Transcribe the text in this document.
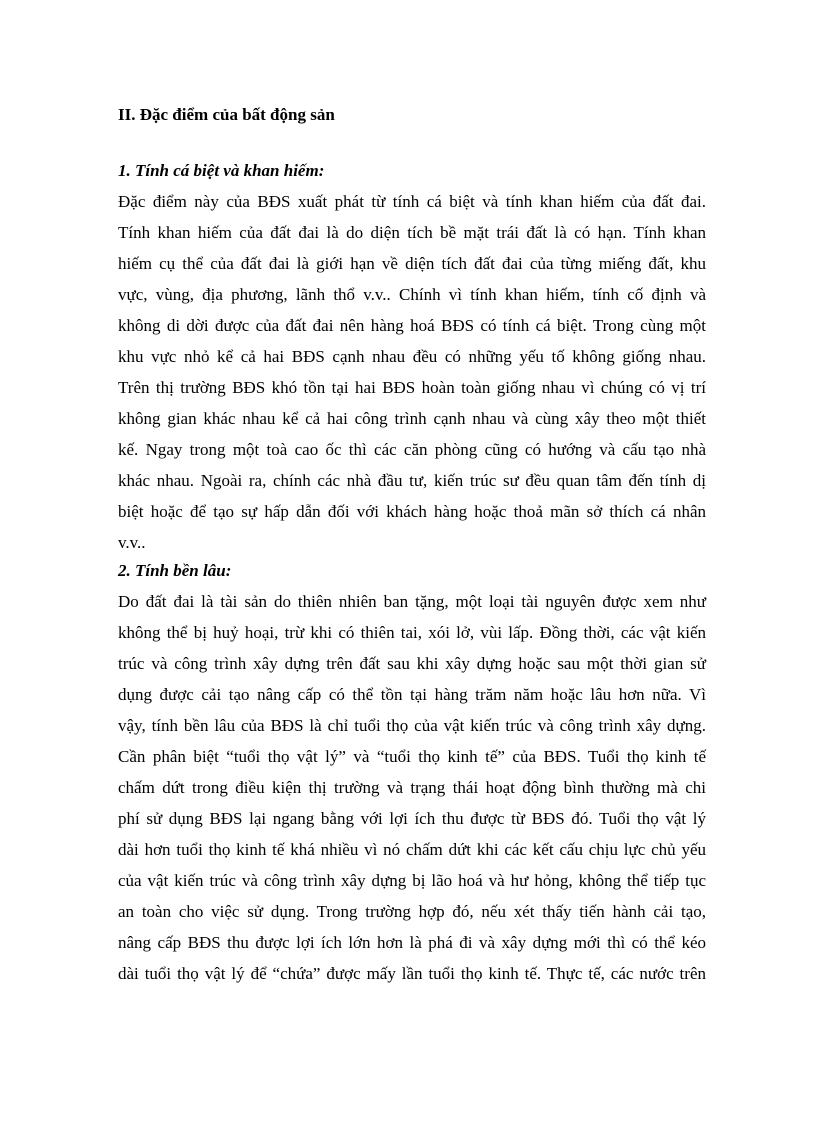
II. Đặc điểm của bất động sản
1. Tính cá biệt và khan hiếm:
Đặc điểm này của BĐS xuất phát từ tính cá biệt và tính khan hiếm của đất đai.
Tính khan hiếm của đất đai là do diện tích bề mặt trái đất là có hạn. Tính khan
hiếm cụ thể của đất đai là giới hạn về diện tích đất đai của từng miếng đất, khu
vực, vùng, địa phương, lãnh thổ v.v.. Chính vì tính khan hiếm, tính cố định và
không di dời được của đất đai nên hàng hoá BĐS có tính cá biệt. Trong cùng một
khu vực nhỏ kể cả hai BĐS cạnh nhau đều có những yếu tố không giống nhau.
Trên thị trường BĐS khó tồn tại hai BĐS hoàn toàn giống nhau vì chúng có vị trí
không gian khác nhau kể cả hai công trình cạnh nhau và cùng xây theo một thiết
kế. Ngay trong một toà cao ốc thì các căn phòng cũng có hướng và cấu tạo nhà
khác nhau. Ngoài ra, chính các nhà đầu tư, kiến trúc sư đều quan tâm đến tính dị
biệt hoặc để tạo sự hấp dẫn đối với khách hàng hoặc thoả mãn sở thích cá nhân
v.v..
2. Tính bền lâu:
Do đất đai là tài sản do thiên nhiên ban tặng, một loại tài nguyên được xem như
không thể bị huỷ hoại, trừ khi có thiên tai, xói lở, vùi lấp. Đồng thời, các vật kiến
trúc và công trình xây dựng trên đất sau khi xây dựng hoặc sau một thời gian sử
dụng được cải tạo nâng cấp có thể tồn tại hàng trăm năm hoặc lâu hơn nữa. Vì
vậy, tính bền lâu của BĐS là chỉ tuổi thọ của vật kiến trúc và công trình xây dựng.
Cần phân biệt “tuổi thọ vật lý” và “tuổi thọ kinh tế” của BĐS. Tuổi thọ kinh tế
chấm dứt trong điều kiện thị trường và trạng thái hoạt động bình thường mà chi
phí sử dụng BĐS lại ngang bằng với lợi ích thu được từ BĐS đó. Tuổi thọ vật lý
dài hơn tuổi thọ kinh tế khá nhiều vì nó chấm dứt khi các kết cấu chịu lực chủ yếu
của vật kiến trúc và công trình xây dựng bị lão hoá và hư hỏng, không thể tiếp tục
an toàn cho việc sử dụng. Trong trường hợp đó, nếu xét thấy tiến hành cải tạo,
nâng cấp BĐS thu được lợi ích lớn hơn là phá đi và xây dựng mới thì có thể kéo
dài tuổi thọ vật lý để “chứa” được mấy lần tuổi thọ kinh tế. Thực tế, các nước trên
